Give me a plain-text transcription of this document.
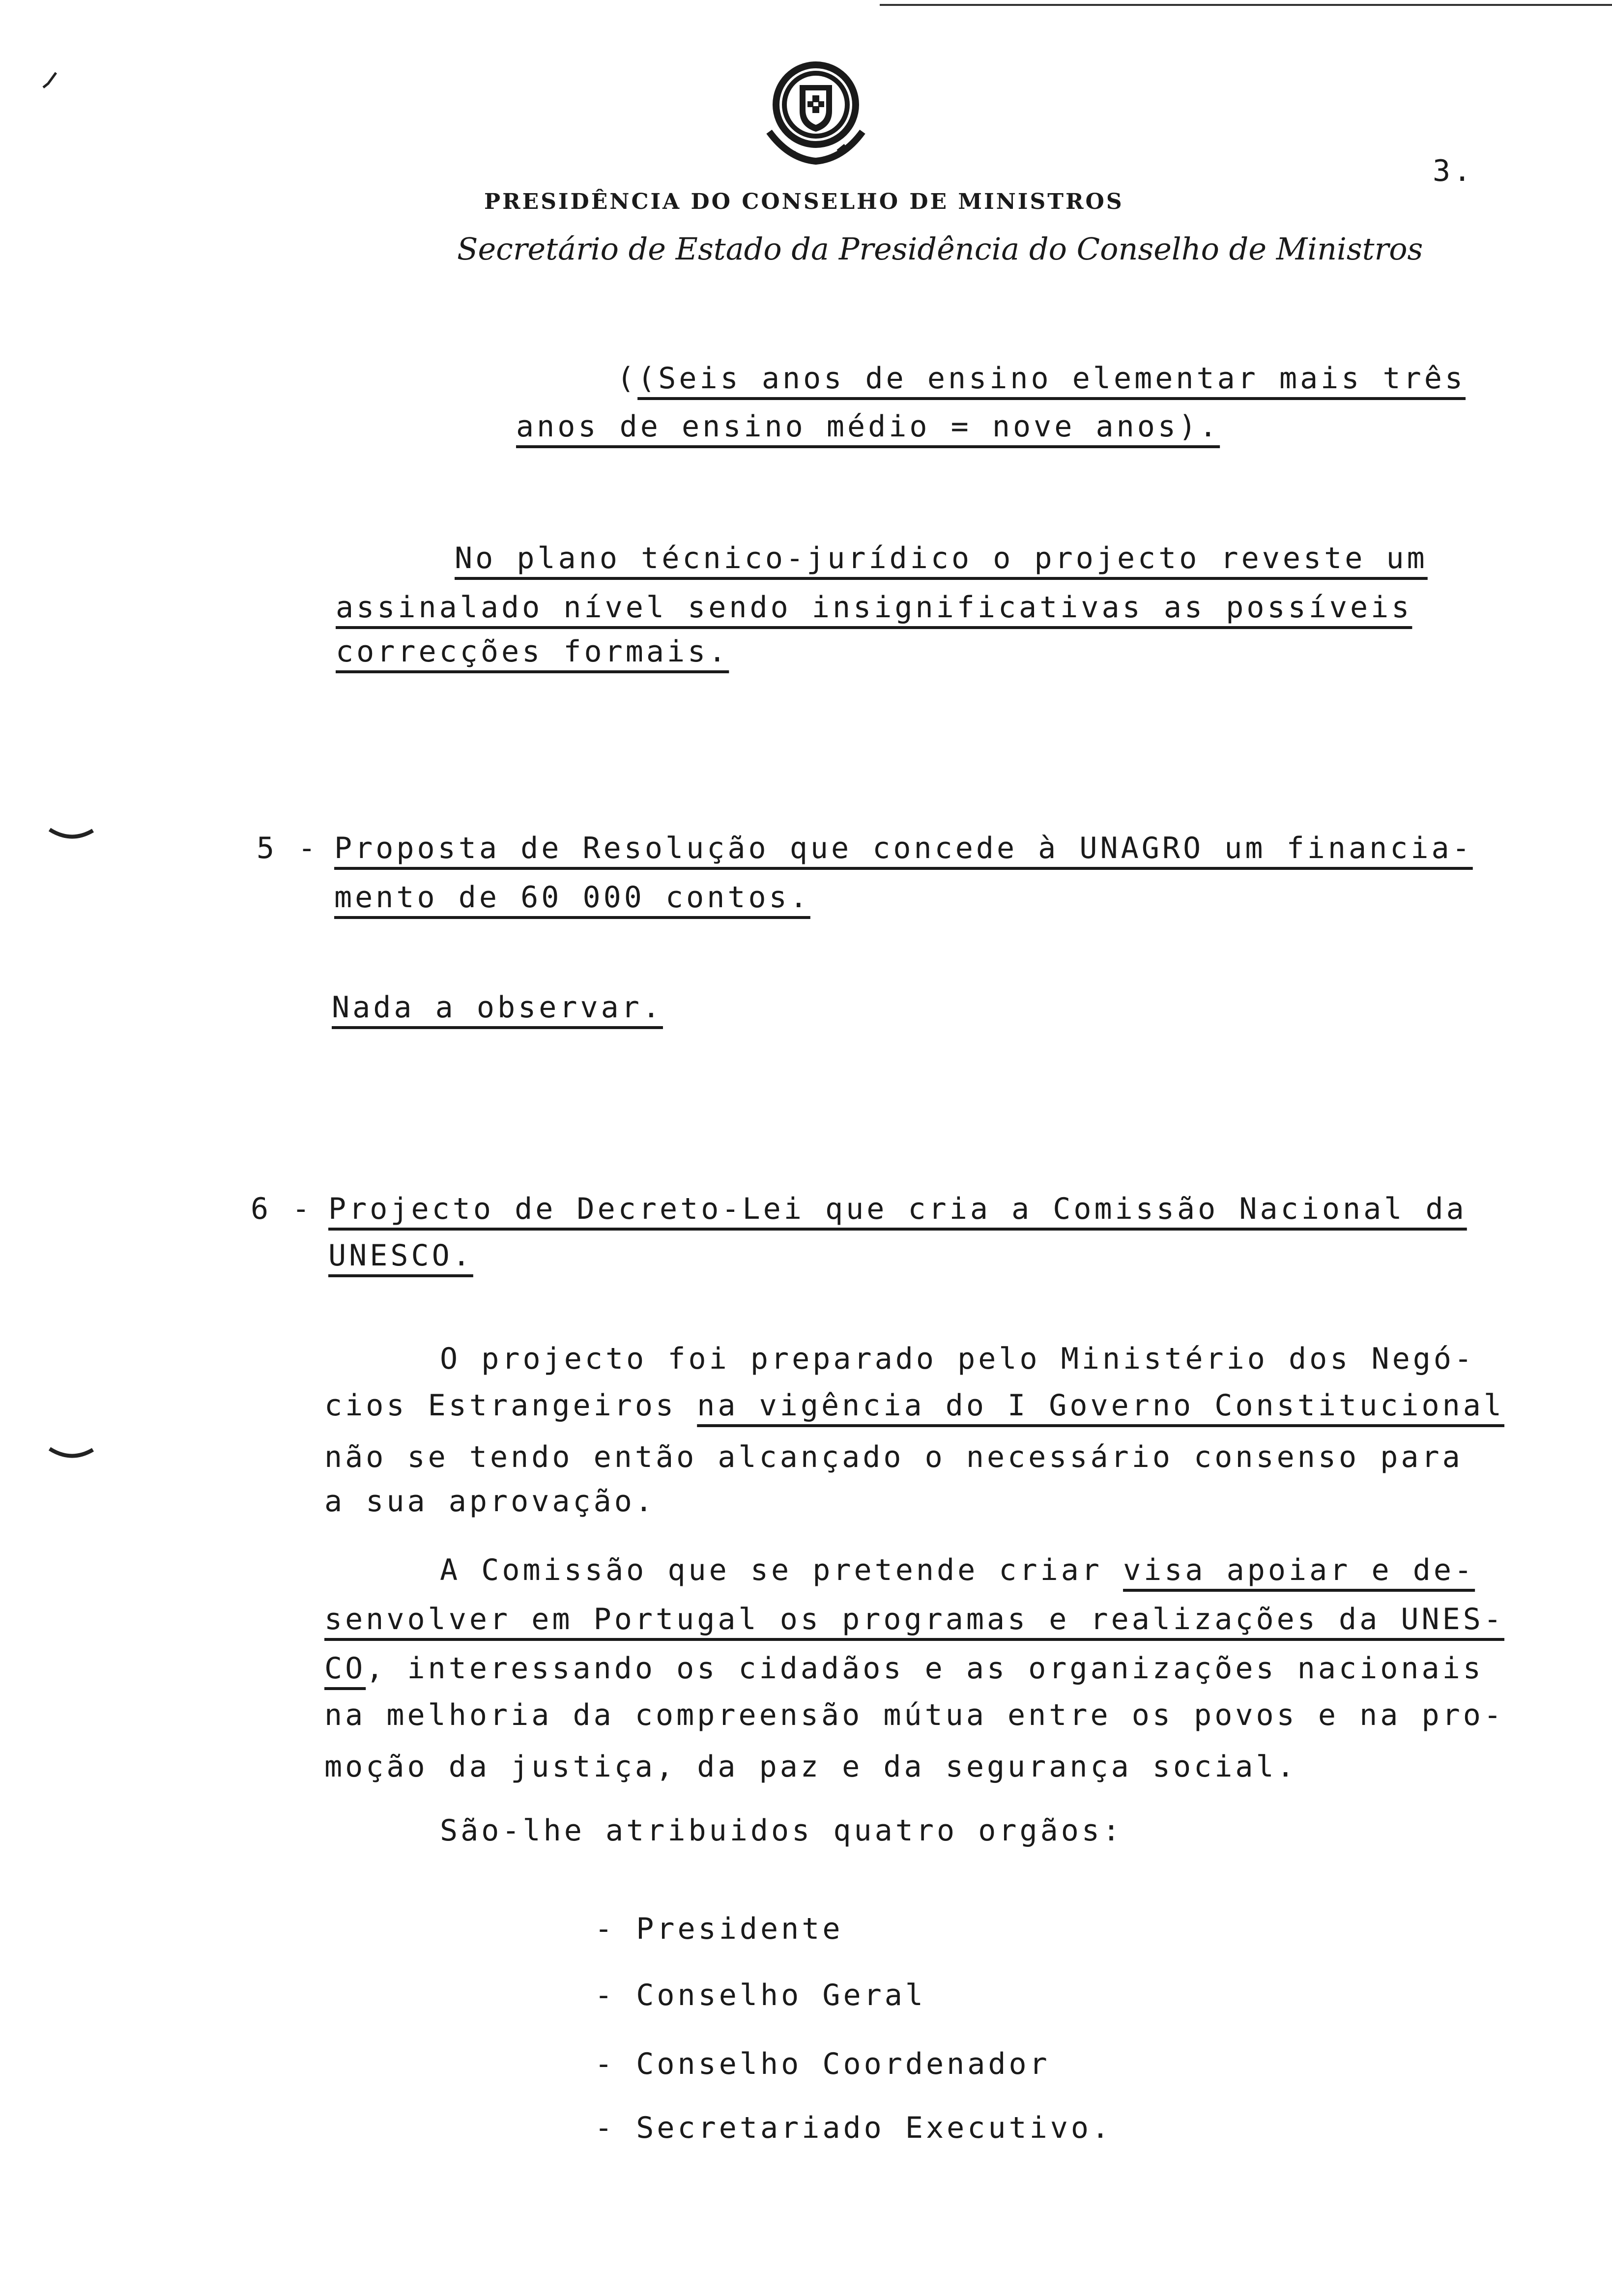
PRESIDÊNCIA DO CONSELHO DE MINISTROS
Secretário de Estado da Presidência do Conselho de Ministros
3.
((Seis anos de ensino elementar mais três
anos de ensino médio = nove anos).
No plano técnico-jurídico o projecto reveste um
assinalado nível sendo insignificativas as possíveis
correcções formais.
5 - Proposta de Resolução que concede à UNAGRO um financia-
mento de 60 000 contos.
Nada a observar.
6 - Projecto de Decreto-Lei que cria a Comissão Nacional da
UNESCO.
O projecto foi preparado pelo Ministério dos Negó-
cios Estrangeiros na vigência do I Governo Constitucional
não se tendo então alcançado o necessário consenso para
a sua aprovação.
A Comissão que se pretende criar visa apoiar e de-
senvolver em Portugal os programas e realizações da UNES-
CO, interessando os cidadãos e as organizações nacionais
na melhoria da compreensão mútua entre os povos e na pro-
moção da justiça, da paz e da segurança social.
São-lhe atribuidos quatro orgãos:
- Presidente
- Conselho Geral
- Conselho Coordenador
- Secretariado Executivo.
